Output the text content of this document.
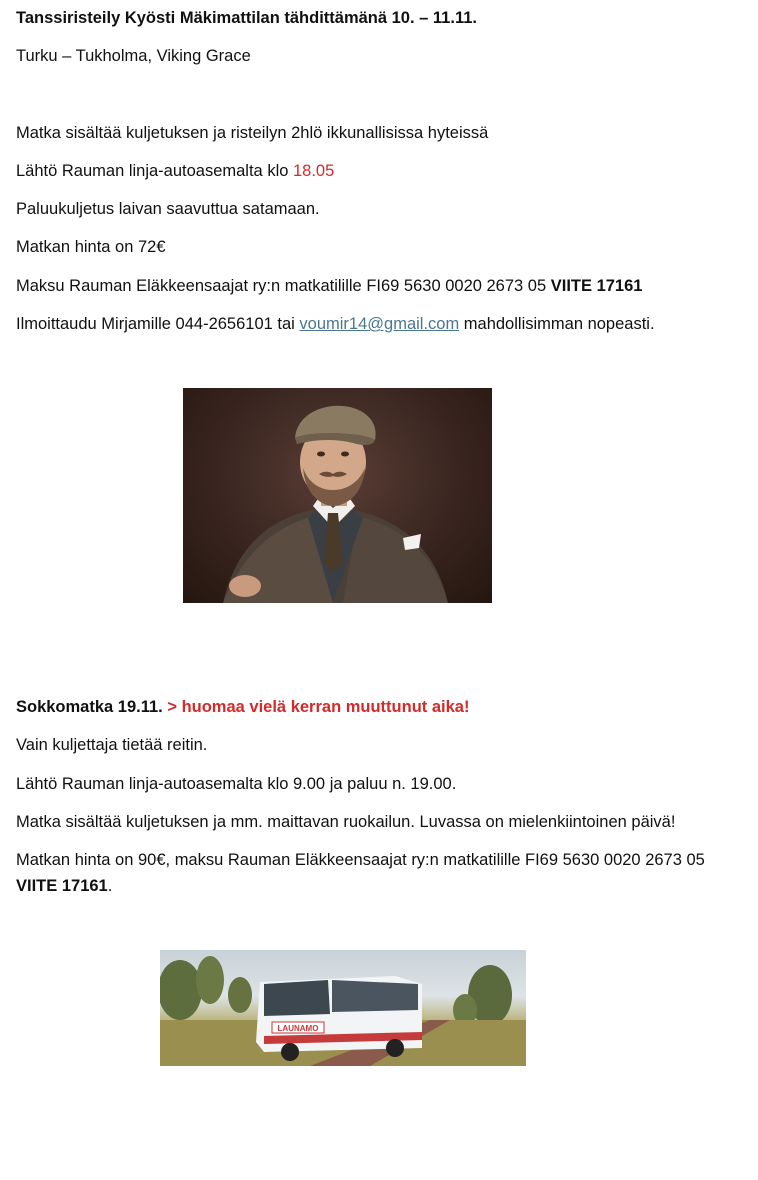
Tanssiristeily Kyösti Mäkimattilan tähdittämänä 10. – 11.11.
Turku – Tukholma, Viking Grace
Matka sisältää kuljetuksen ja risteilyn 2hlö ikkunallisissa hyteissä
Lähtö Rauman linja-autoasemalta klo 18.05
Paluukuljetus laivan saavuttua satamaan.
Matkan hinta on 72€
Maksu Rauman Eläkkeensaajat ry:n matkatilille FI69 5630 0020 2673 05 VIITE 17161
Ilmoittaudu Mirjamille 044-2656101 tai voumir14@gmail.com mahdollisimman nopeasti.
Sokkomatka 19.11. > huomaa vielä kerran muuttunut aika!
Vain kuljettaja tietää reitin.
Lähtö Rauman linja-autoasemalta klo 9.00 ja paluu n. 19.00.
Matka sisältää kuljetuksen ja mm. maittavan ruokailun. Luvassa on mielenkiintoinen päivä!
Matkan hinta on 90€, maksu Rauman Eläkkeensaajat ry:n matkatilille FI69 5630 0020 2673 05
VIITE 17161.
LAUNAMO
